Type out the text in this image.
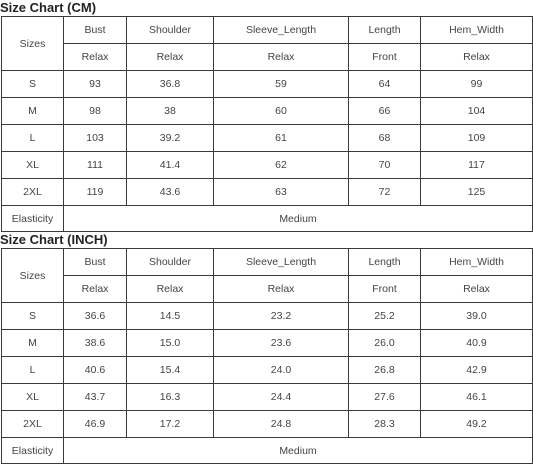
Size Chart (CM)
Sizes	Bust	Shoulder	Sleeve_Length	Length	Hem_Width
	Relax	Relax	Relax	Front	Relax
S	93	36.8	59	64	99
M	98	38	60	66	104
L	103	39.2	61	68	109
XL	111	41.4	62	70	117
2XL	119	43.6	63	72	125
Elasticity	Medium				
Size Chart (INCH)
Sizes	Bust	Shoulder	Sleeve_Length	Length	Hem_Width
	Relax	Relax	Relax	Front	Relax
S	36.6	14.5	23.2	25.2	39.0
M	38.6	15.0	23.6	26.0	40.9
L	40.6	15.4	24.0	26.8	42.9
XL	43.7	16.3	24.4	27.6	46.1
2XL	46.9	17.2	24.8	28.3	49.2
Elasticity	Medium				
